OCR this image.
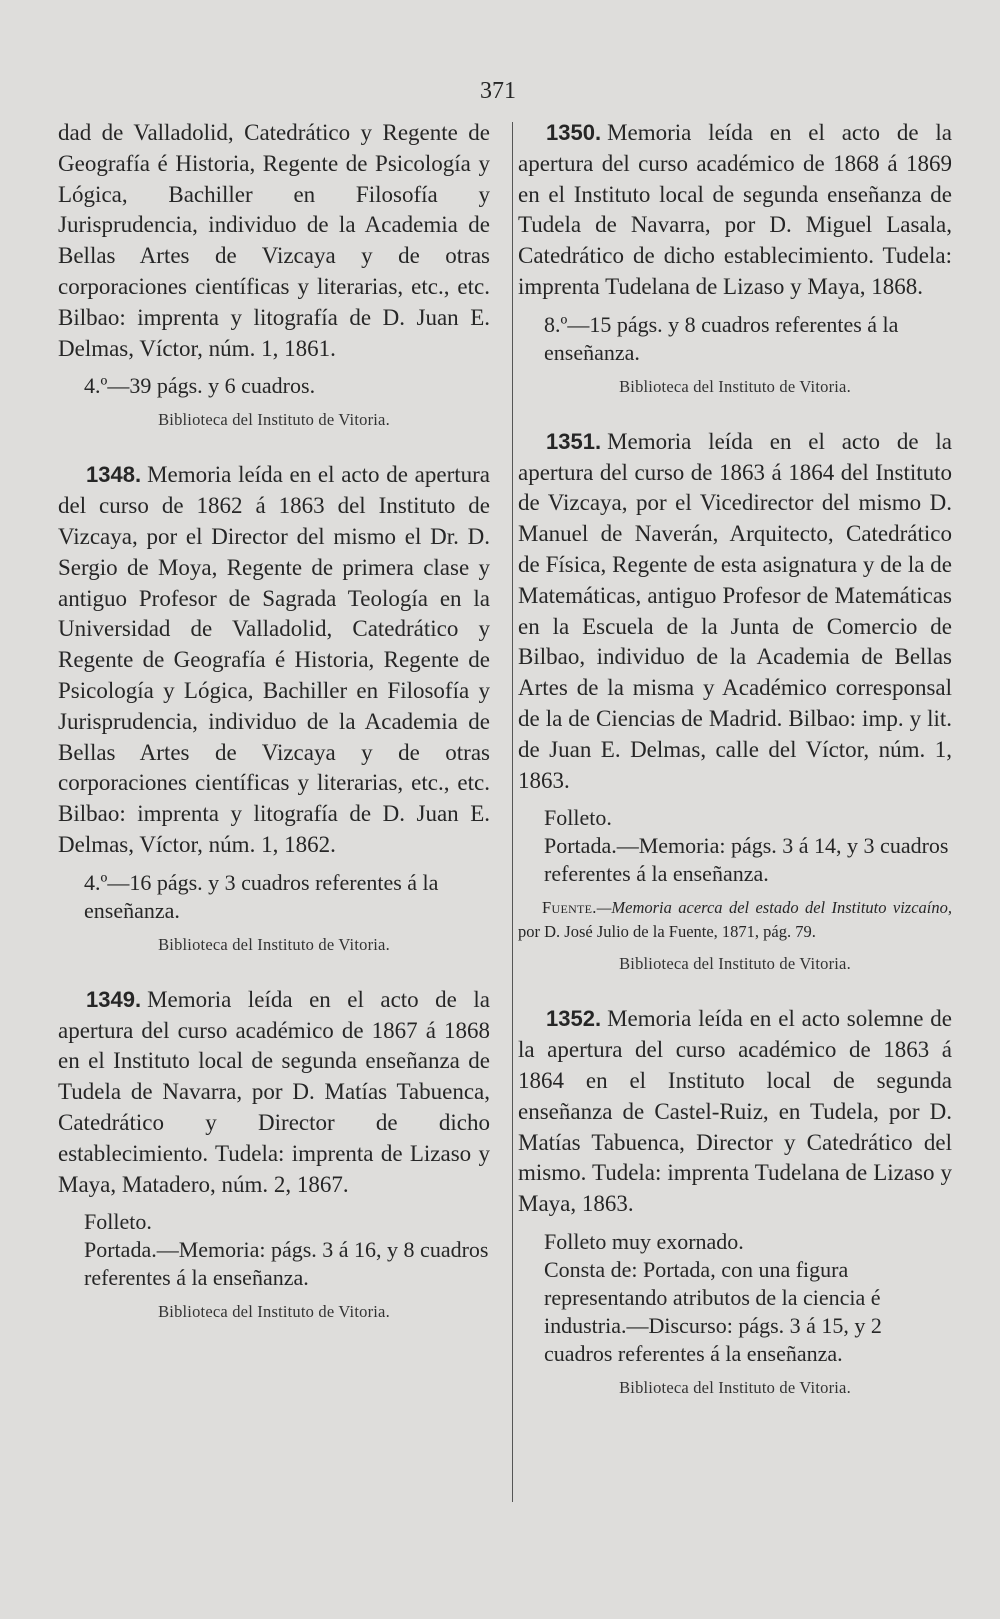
371

dad de Valladolid, Catedrático y Regente de Geografía é Historia, Regente de Psicología y Lógica, Bachiller en Filosofía y Jurisprudencia, individuo de la Academia de Bellas Artes de Vizcaya y de otras corporaciones científicas y literarias, etc., etc. Bilbao: imprenta y litografía de D. Juan E. Delmas, Víctor, núm. 1, 1861.

4.º—39 págs. y 6 cuadros.

Biblioteca del Instituto de Vitoria.

1348. Memoria leída en el acto de apertura del curso de 1862 á 1863 del Instituto de Vizcaya, por el Director del mismo el Dr. D. Sergio de Moya, Regente de primera clase y antiguo Profesor de Sagrada Teología en la Universidad de Valladolid, Catedrático y Regente de Geografía é Historia, Regente de Psicología y Lógica, Bachiller en Filosofía y Jurisprudencia, individuo de la Academia de Bellas Artes de Vizcaya y de otras corporaciones científicas y literarias, etc., etc. Bilbao: imprenta y litografía de D. Juan E. Delmas, Víctor, núm. 1, 1862.

4.º—16 págs. y 3 cuadros referentes á la enseñanza.

Biblioteca del Instituto de Vitoria.

1349. Memoria leída en el acto de la apertura del curso académico de 1867 á 1868 en el Instituto local de segunda enseñanza de Tudela de Navarra, por D. Matías Tabuenca, Catedrático y Director de dicho establecimiento. Tudela: imprenta de Lizaso y Maya, Matadero, núm. 2, 1867.

Folleto.
Portada.—Memoria: págs. 3 á 16, y 8 cuadros referentes á la enseñanza.

Biblioteca del Instituto de Vitoria.

1350. Memoria leída en el acto de la apertura del curso académico de 1868 á 1869 en el Instituto local de segunda enseñanza de Tudela de Navarra, por D. Miguel Lasala, Catedrático de dicho establecimiento. Tudela: imprenta Tudelana de Lizaso y Maya, 1868.

8.º—15 págs. y 8 cuadros referentes á la enseñanza.

Biblioteca del Instituto de Vitoria.

1351. Memoria leída en el acto de la apertura del curso de 1863 á 1864 del Instituto de Vizcaya, por el Vicedirector del mismo D. Manuel de Naverán, Arquitecto, Catedrático de Física, Regente de esta asignatura y de la de Matemáticas, antiguo Profesor de Matemáticas en la Escuela de la Junta de Comercio de Bilbao, individuo de la Academia de Bellas Artes de la misma y Académico corresponsal de la de Ciencias de Madrid. Bilbao: imp. y lit. de Juan E. Delmas, calle del Víctor, núm. 1, 1863.

Folleto.
Portada.—Memoria: págs. 3 á 14, y 3 cuadros referentes á la enseñanza.

Fuente.—Memoria acerca del estado del Instituto vizcaíno, por D. José Julio de la Fuente, 1871, pág. 79.

Biblioteca del Instituto de Vitoria.

1352. Memoria leída en el acto solemne de la apertura del curso académico de 1863 á 1864 en el Instituto local de segunda enseñanza de Castel-Ruiz, en Tudela, por D. Matías Tabuenca, Director y Catedrático del mismo. Tudela: imprenta Tudelana de Lizaso y Maya, 1863.

Folleto muy exornado.
Consta de: Portada, con una figura representando atributos de la ciencia é industria.—Discurso: págs. 3 á 15, y 2 cuadros referentes á la enseñanza.

Biblioteca del Instituto de Vitoria.
